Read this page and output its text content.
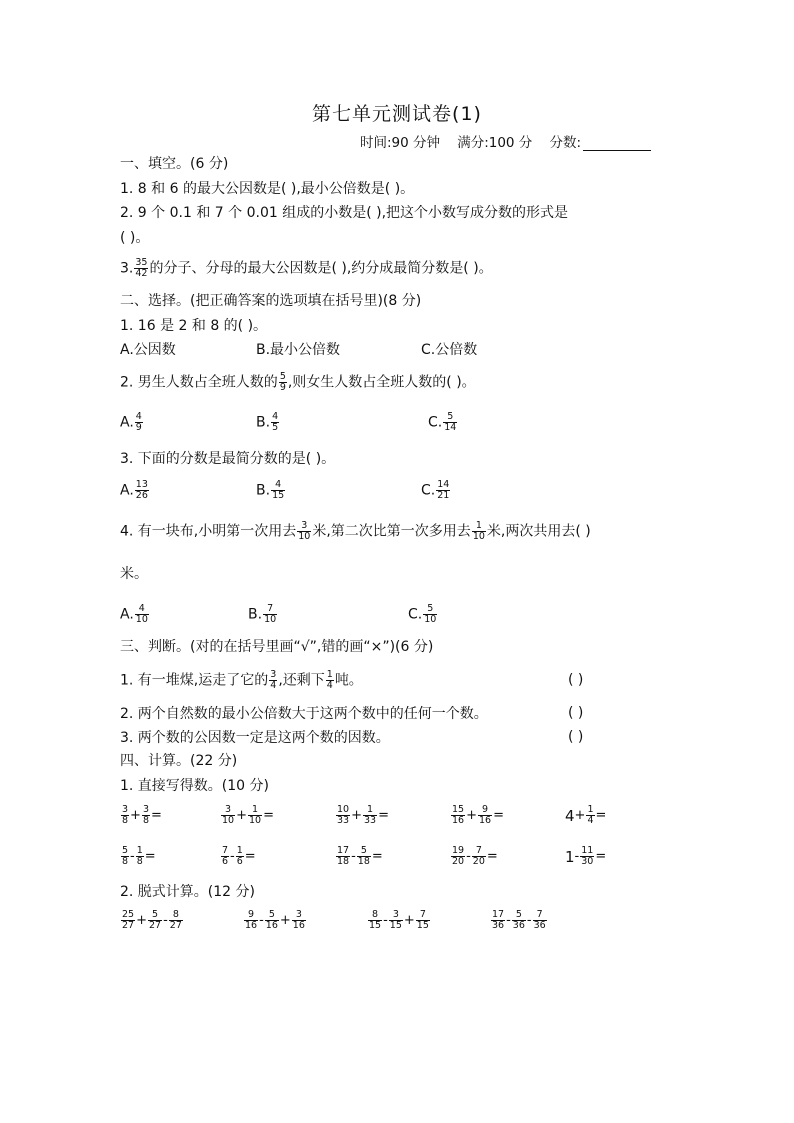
第七单元测试卷(1)
时间:90 分钟 满分:100 分 分数:
一、填空。(6 分)
1. 8 和 6 的最大公因数是( ),最小公倍数是( )。
2. 9 个 0.1 和 7 个 0.01 组成的小数是( ),把这个小数写成分数的形式是
( )。
3. $\frac{35}{42}$ 的分子、分母的最大公因数是( ),约分成最简分数是( )。
二、选择。(把正确答案的选项填在括号里)(8 分)
1. 16 是 2 和 8 的( )。
A.公因数	B.最小公倍数	C.公倍数
2. 男生人数占全班人数的 $\frac{5}{9}$ ,则女生人数占全班人数的( )。
A. $\frac{4}{9}$	B. $\frac{4}{5}$	C. $\frac{5}{14}$
3. 下面的分数是最简分数的是( )。
A. $\frac{13}{26}$	B. $\frac{4}{15}$	C. $\frac{14}{21}$
4. 有一块布,小明第一次用去 $\frac{3}{10}$ 米,第二次比第一次多用去 $\frac{1}{10}$ 米,两次共用去( )
米。
A. $\frac{4}{10}$	B. $\frac{7}{10}$	C. $\frac{5}{10}$
三、判断。(对的在括号里画“√”,错的画“×”)(6 分)
1. 有一堆煤,运走了它的 $\frac{3}{4}$ ,还剩下 $\frac{1}{4}$ 吨。	( )
2. 两个自然数的最小公倍数大于这两个数中的任何一个数。	( )
3. 两个数的公因数一定是这两个数的因数。	( )
四、计算。(22 分)
1. 直接写得数。(10 分)
$\frac{3}{8} + \frac{3}{8}$ =	$\frac{3}{10} + \frac{1}{10}$ =	$\frac{10}{33} + \frac{1}{33}$ =	$\frac{15}{16} + \frac{9}{16}$ =	$4 + \frac{1}{4}$ =
$\frac{5}{8} - \frac{1}{8}$ =	$\frac{7}{6} - \frac{1}{6}$ =	$\frac{17}{18} - \frac{5}{18}$ =	$\frac{19}{20} - \frac{7}{20}$ =	$1 - \frac{11}{30}$ =
2. 脱式计算。(12 分)
$\frac{25}{27} + \frac{5}{27} - \frac{8}{27}$	$\frac{9}{16} - \frac{5}{16} + \frac{3}{16}$	$\frac{8}{15} - \frac{3}{15} + \frac{7}{15}$	$\frac{17}{36} - \frac{5}{36} - \frac{7}{36}$
